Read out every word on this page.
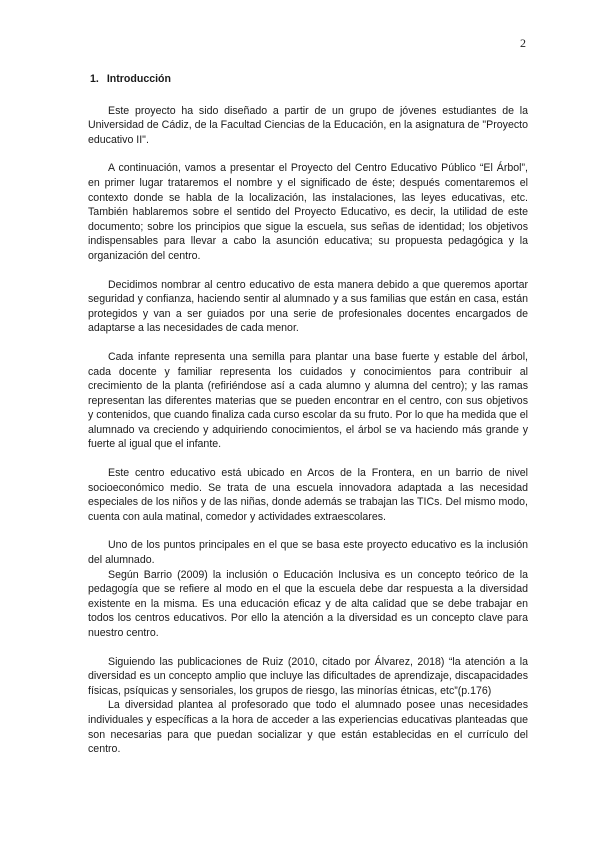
2
1. Introducción

Este proyecto ha sido diseñado a partir de un grupo de jóvenes estudiantes de la Universidad de Cádiz, de la Facultad Ciencias de la Educación, en la asignatura de "Proyecto educativo II".

A continuación, vamos a presentar el Proyecto del Centro Educativo Público “El Árbol”, en primer lugar trataremos el nombre y el significado de éste; después comentaremos el contexto donde se habla de la localización, las instalaciones, las leyes educativas, etc. También hablaremos sobre el sentido del Proyecto Educativo, es decir, la utilidad de este documento; sobre los principios que sigue la escuela, sus señas de identidad; los objetivos indispensables para llevar a cabo la asunción educativa; su propuesta pedagógica y la organización del centro.

Decidimos nombrar al centro educativo de esta manera debido a que queremos aportar seguridad y confianza, haciendo sentir al alumnado y a sus familias que están en casa, están protegidos y van a ser guiados por una serie de profesionales docentes encargados de adaptarse a las necesidades de cada menor.

Cada infante representa una semilla para plantar una base fuerte y estable del árbol, cada docente y familiar representa los cuidados y conocimientos para contribuir al crecimiento de la planta (refiriéndose así a cada alumno y alumna del centro); y las ramas representan las diferentes materias que se pueden encontrar en el centro, con sus objetivos y contenidos, que cuando finaliza cada curso escolar da su fruto. Por lo que ha medida que el alumnado va creciendo y adquiriendo conocimientos, el árbol se va haciendo más grande y fuerte al igual que el infante.

Este centro educativo está ubicado en Arcos de la Frontera, en un barrio de nivel socioeconómico medio. Se trata de una escuela innovadora adaptada a las necesidad especiales de los niños y de las niñas, donde además se trabajan las TICs. Del mismo modo, cuenta con aula matinal, comedor y actividades extraescolares.

Uno de los puntos principales en el que se basa este proyecto educativo es la inclusión del alumnado.

Según Barrio (2009) la inclusión o Educación Inclusiva es un concepto teórico de la pedagogía que se refiere al modo en el que la escuela debe dar respuesta a la diversidad existente en la misma. Es una educación eficaz y de alta calidad que se debe trabajar en todos los centros educativos. Por ello la atención a la diversidad es un concepto clave para nuestro centro.

Siguiendo las publicaciones de Ruiz (2010, citado por Álvarez, 2018) “la atención a la diversidad es un concepto amplio que incluye las dificultades de aprendizaje, discapacidades físicas, psíquicas y sensoriales, los grupos de riesgo, las minorías étnicas, etc”(p.176)

La diversidad plantea al profesorado que todo el alumnado posee unas necesidades individuales y específicas a la hora de acceder a las experiencias educativas planteadas que son necesarias para que puedan socializar y que están establecidas en el currículo del centro.
